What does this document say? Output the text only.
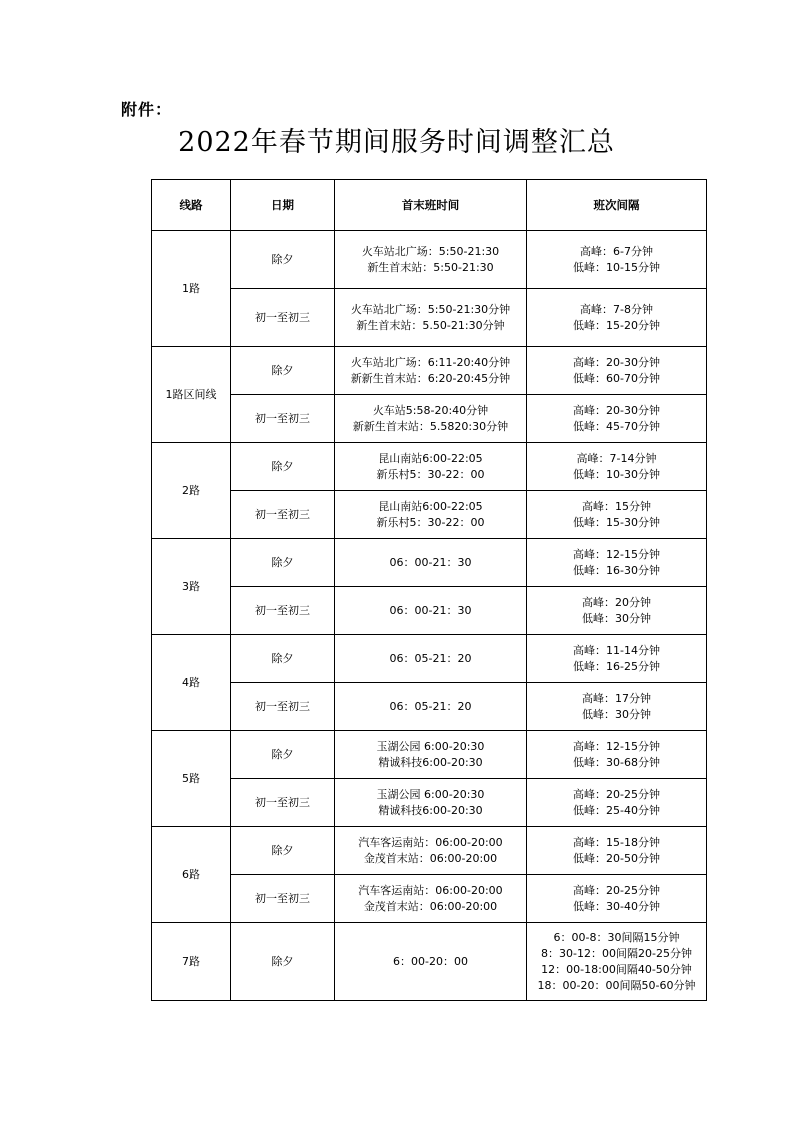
附件：
2022年春节期间服务时间调整汇总
线路	日期	首末班时间	班次间隔
1路	除夕	火车站北广场：5:50-21:30
新生首末站：5:50-21:30	高峰：6-7分钟
低峰：10-15分钟

	初一至初三	火车站北广场：5:50-21:30分钟
新生首末站：5.50-21:30分钟	高峰：7-8分钟
低峰：15-20分钟

1路区间线	除夕	火车站北广场：6:11-20:40分钟
新新生首末站：6:20-20:45分钟	高峰：20-30分钟
低峰：60-70分钟

	初一至初三	火车站5:58-20:40分钟
新新生首末站：5.5820:30分钟	高峰：20-30分钟
低峰：45-70分钟

2路	除夕	昆山南站6:00-22:05
新乐村5：30-22：00	高峰：7-14分钟
低峰：10-30分钟

	初一至初三	昆山南站6:00-22:05
新乐村5：30-22：00	高峰：15分钟
低峰：15-30分钟

3路	除夕	06：00-21：30	高峰：12-15分钟
低峰：16-30分钟

	初一至初三	06：00-21：30	高峰：20分钟
低峰：30分钟

4路	除夕	06：05-21：20	高峰：11-14分钟
低峰：16-25分钟

	初一至初三	06：05-21：20	高峰：17分钟
低峰：30分钟

5路	除夕	玉湖公园 6:00-20:30
精诚科技6:00-20:30	高峰：12-15分钟
低峰：30-68分钟

	初一至初三	玉湖公园 6:00-20:30
精诚科技6:00-20:30	高峰：20-25分钟
低峰：25-40分钟

6路	除夕	汽车客运南站：06:00-20:00
金茂首末站：06:00-20:00	高峰：15-18分钟
低峰：20-50分钟

	初一至初三	汽车客运南站：06:00-20:00
金茂首末站：06:00-20:00	高峰：20-25分钟
低峰：30-40分钟

7路	除夕	6：00-20：00	6：00-8：30间隔15分钟
8：30-12：00间隔20-25分钟
12：00-18:00间隔40-50分钟
18：00-20：00间隔50-60分钟
